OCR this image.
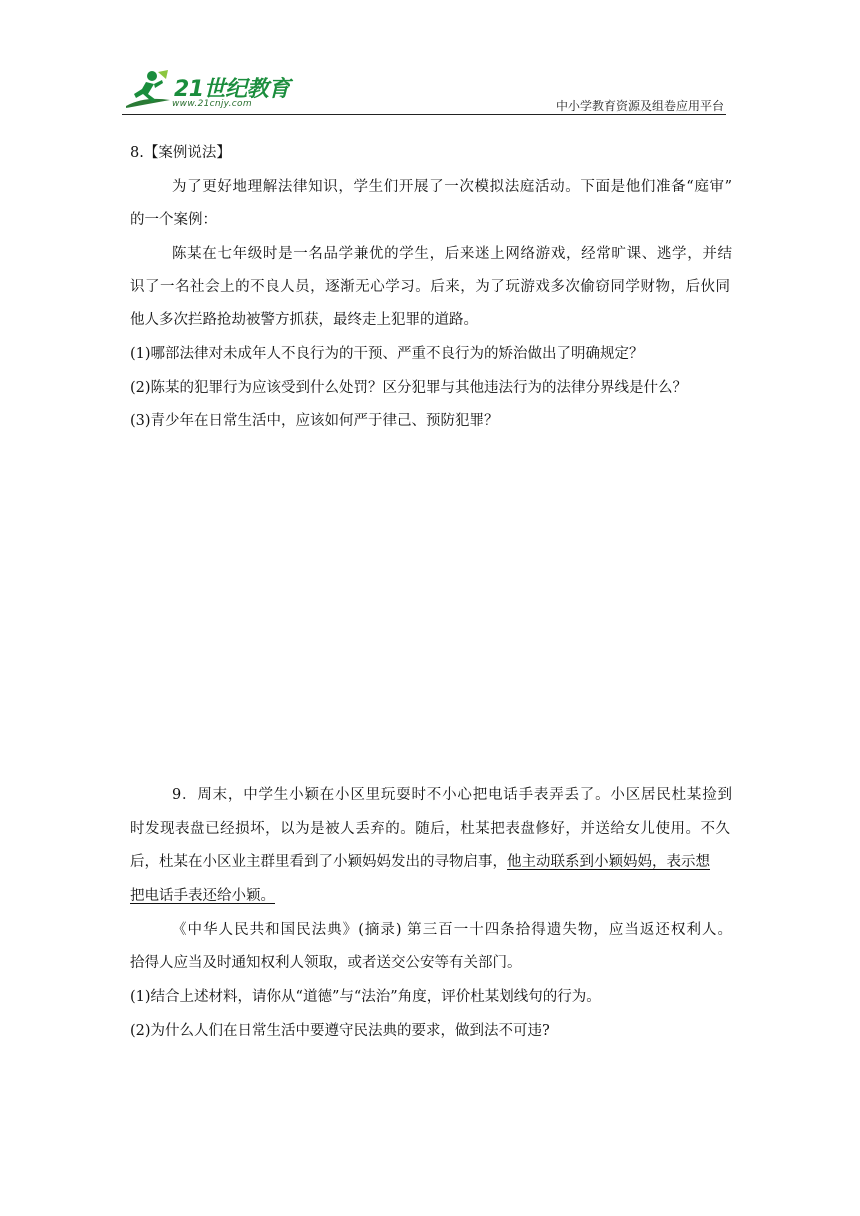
21世纪教育
www.21cnjy.com	中小学教育资源及组卷应用平台
8.【案例说法】
为了更好地理解法律知识，学生们开展了一次模拟法庭活动。下面是他们准备“庭审”
的一个案例：
陈某在七年级时是一名品学兼优的学生，后来迷上网络游戏，经常旷课、逃学，并结
识了一名社会上的不良人员，逐渐无心学习。后来，为了玩游戏多次偷窃同学财物，后伙同
他人多次拦路抢劫被警方抓获，最终走上犯罪的道路。
(1)哪部法律对未成年人不良行为的干预、严重不良行为的矫治做出了明确规定？
(2)陈某的犯罪行为应该受到什么处罚？区分犯罪与其他违法行为的法律分界线是什么？
(3)青少年在日常生活中，应该如何严于律己、预防犯罪？
9．周末，中学生小颖在小区里玩耍时不小心把电话手表弄丢了。小区居民杜某捡到
时发现表盘已经损坏，以为是被人丢弃的。随后，杜某把表盘修好，并送给女儿使用。不久
后，杜某在小区业主群里看到了小颖妈妈发出的寻物启事，他主动联系到小颖妈妈，表示想
把电话手表还给小颖。
《中华人民共和国民法典》(摘录) 第三百一十四条拾得遗失物，应当返还权利人。
拾得人应当及时通知权利人领取，或者送交公安等有关部门。
(1)结合上述材料，请你从“道德”与“法治”角度，评价杜某划线句的行为。
(2)为什么人们在日常生活中要遵守民法典的要求，做到法不可违?
